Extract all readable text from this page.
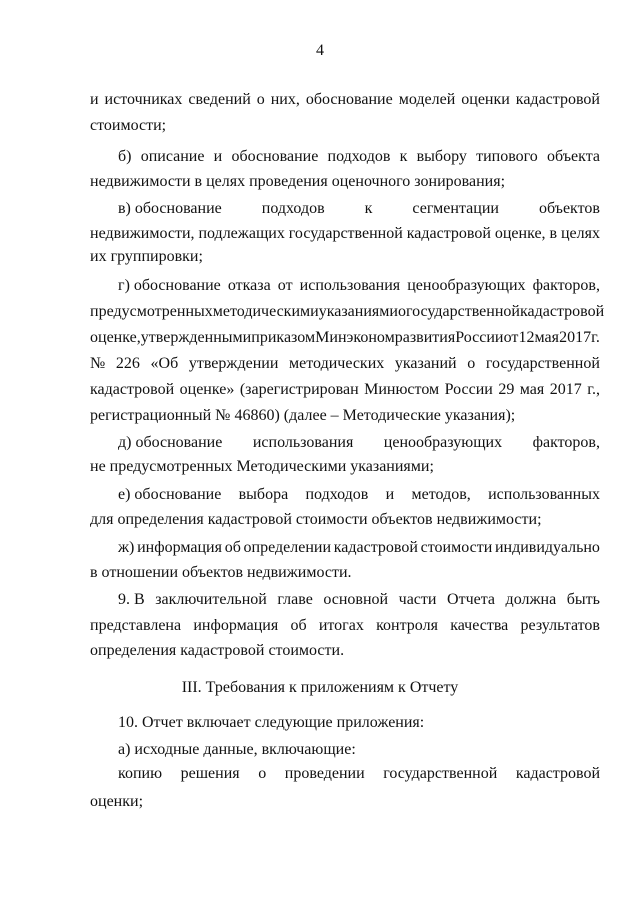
4
и источниках сведений о них, обоснование моделей оценки кадастровой
стоимости;
б) описание и обоснование подходов к выбору типового объекта
недвижимости в целях проведения оценочного зонирования;
в) обоснование	подходов	к	сегментации	объектов
недвижимости, подлежащих государственной кадастровой оценке, в целях
их группировки;
г) обоснование отказа от использования ценообразующих факторов,
предусмотренных методическими указаниями о государственной кадастровой
оценке, утвержденными приказом Минэкономразвития России от 12 мая 2017 г.
№ 226 «Об утверждении методических указаний о государственной
кадастровой оценке» (зарегистрирован Минюстом России 29 мая 2017 г.,
регистрационный № 46860) (далее – Методические указания);
д) обоснование использования ценообразующих факторов,
не предусмотренных Методическими указаниями;
е) обоснование выбора подходов и методов, использованных
для определения кадастровой стоимости объектов недвижимости;
ж) информация об определении кадастровой стоимости индивидуально
в отношении объектов недвижимости.
9. В заключительной главе основной части Отчета должна быть
представлена информация об итогах контроля качества результатов
определения кадастровой стоимости.
III. Требования к приложениям к Отчету
10. Отчет включает следующие приложения:
а) исходные данные, включающие:
копию решения о проведении государственной кадастровой
оценки;
